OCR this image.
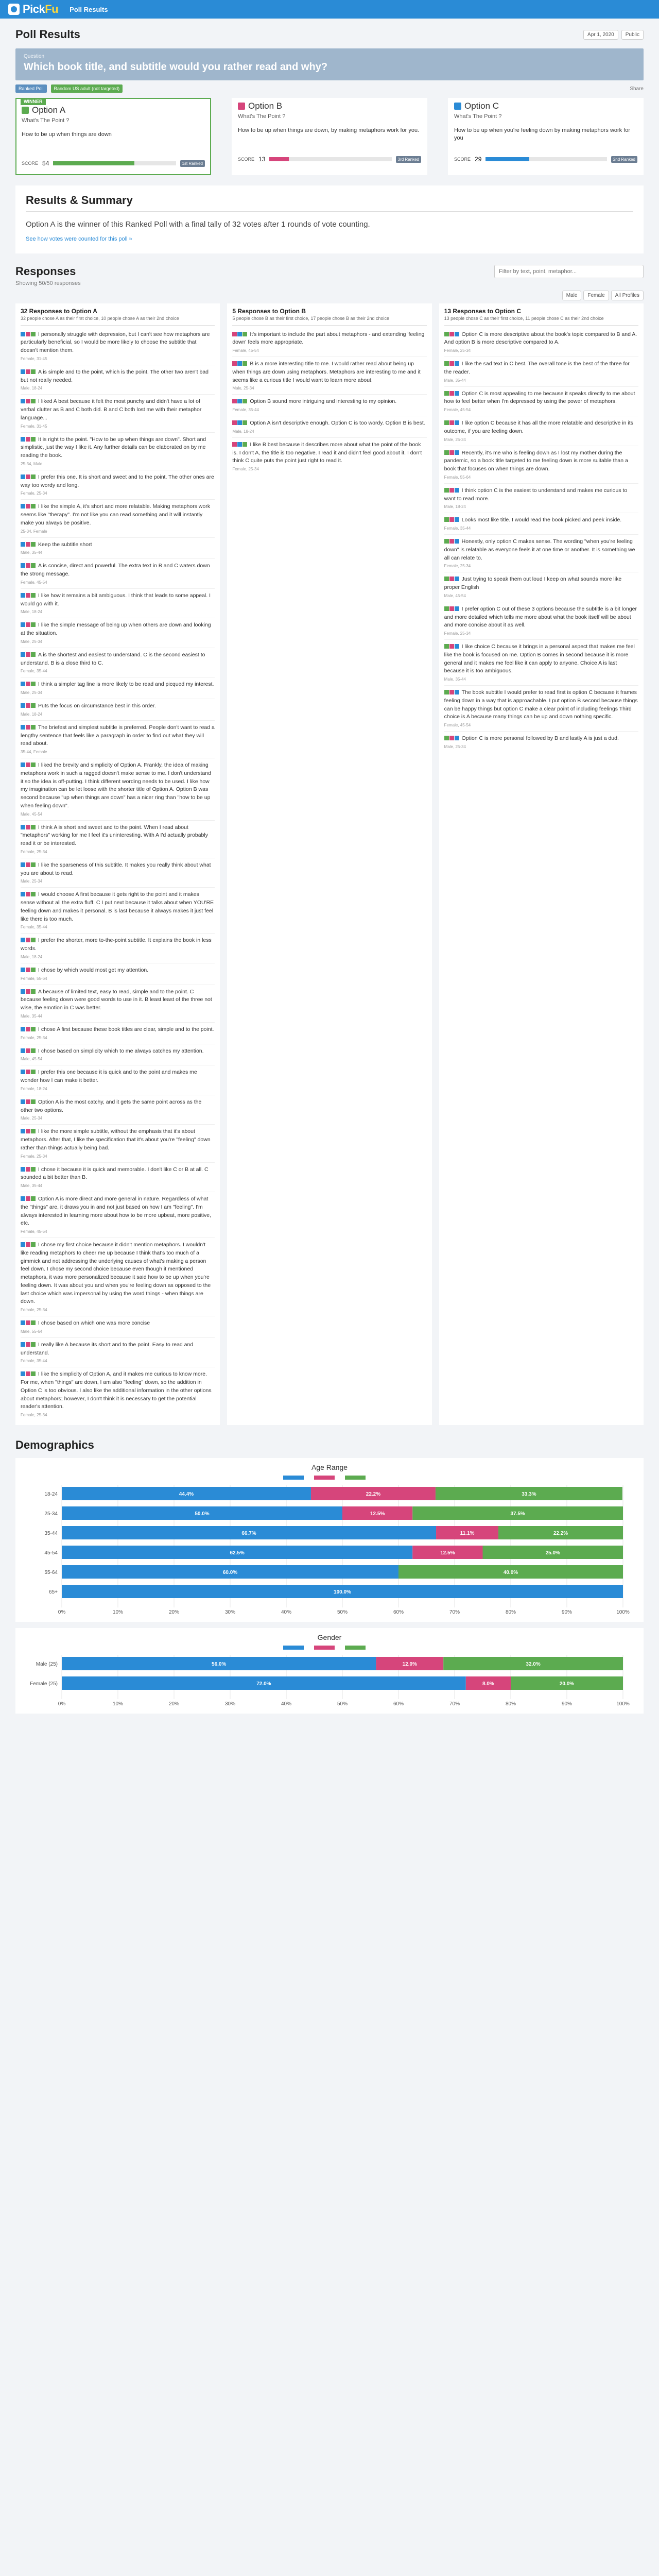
PickFu Poll Results
Poll Results	Apr 1, 2020	Public
Question
Which book title, and subtitle would you rather read and why?
Ranked Poll	Random US adult (not targeted)	Share
WINNER
Option A
What's The Point ?
How to be up when things are down
SCORE 54	1st Ranked
Option B
What's The Point ?
How to be up when things are down, by making metaphors work for you.
SCORE 13	3rd Ranked
Option C
What's The Point ?
How to be up when you're feeling down by making metaphors work for you
SCORE 29	2nd Ranked
Results & Summary
Option A is the winner of this Ranked Poll with a final tally of 32 votes after 1 rounds of vote counting.
See how votes were counted for this poll »
Responses
Showing 50/50 responses
Filter by text, point, metaphor...
Male	Female	All Profiles
32 Responses to Option A
32 people chose A as their first choice, 10 people chose A as their 2nd choice
I personally struggle with depression, but I can't see how metaphors are particularly beneficial, so I would be more likely to choose the subtitle that doesn't mention them.
Female, 31-45
A is simple and to the point, which is the point. The other two aren't bad but not really needed.
Male, 18-24
I liked A best because it felt the most punchy and didn't have a lot of verbal clutter as B and C both did. B and C both lost me with their metaphor language...
Female, 31-45
It is right to the point. "How to be up when things are down". Short and simplistic, just the way I like it. Any further details can be elaborated on by me reading the book.
25-34, Male
I prefer this one. It is short and sweet and to the point. The other ones are way too wordy and long.
Female, 25-34
I like the simple A, it's short and more relatable. Making metaphors work seems like "therapy". I'm not like you can read something and it will instantly make you always be positive.
25-34, Female
Keep the subtitle short
Male, 35-44
A is concise, direct and powerful. The extra text in B and C waters down the strong message.
Female, 45-54
I like how it remains a bit ambiguous. I think that leads to some appeal. I would go with it.
Male, 18-24
I like the simple message of being up when others are down and looking at the situation.
Male, 25-34
A is the shortest and easiest to understand. C is the second easiest to understand. B is a close third to C.
Female, 35-44
I think a simpler tag line is more likely to be read and picqued my interest.
Male, 25-34
Puts the focus on circumstance best in this order.
Male, 18-24
The briefest and simplest subtitle is preferred. People don't want to read a lengthy sentence that feels like a paragraph in order to find out what they will read about.
35-44, Female
I liked the brevity and simplicity of Option A. Frankly, the idea of making metaphors work in such a ragged doesn't make sense to me. I don't understand it so the idea is off-putting. I think different wording needs to be used. I like how my imagination can be let loose with the shorter title of Option A. Option B was second because "up when things are down" has a nicer ring than "how to be up when feeling down".
Male, 45-54
I think A is short and sweet and to the point. When I read about "metaphors" working for me I feel it's uninteresting. With A I'd actually probably read it or be interested.
Female, 25-34
I like the sparseness of this subtitle. It makes you really think about what you are about to read.
Male, 25-34
I would choose A first because it gets right to the point and it makes sense without all the extra fluff. C I put next because it talks about when YOU'RE feeling down and makes it personal. B is last because it always makes it just feel like there is too much.
Female, 35-44
I prefer the shorter, more to-the-point subtitle. It explains the book in less words.
Male, 18-24
I chose by which would most get my attention.
Female, 55-64
A because of limited text, easy to read, simple and to the point. C because feeling down were good words to use in it. B least least of the three not wise, the emotion in C was better.
Male, 35-44
I chose A first because these book titles are clear, simple and to the point.
Female, 25-34
I chose based on simplicity which to me always catches my attention.
Male, 45-54
I prefer this one because it is quick and to the point and makes me wonder how I can make it better.
Female, 18-24
Option A is the most catchy, and it gets the same point across as the other two options.
Male, 25-34
I like the more simple subtitle, without the emphasis that it's about metaphors. After that, I like the specification that it's about you're "feeling" down rather than things actually being bad.
Female, 25-34
I chose it because it is quick and memorable. I don't like C or B at all. C sounded a bit better than B.
Male, 35-44
Option A is more direct and more general in nature. Regardless of what the "things" are, it draws you in and not just based on how I am "feeling". I'm always interested in learning more about how to be more upbeat, more positive, etc.
Female, 45-54
I chose my first choice because it didn't mention metaphors. I wouldn't like reading metaphors to cheer me up because I think that's too much of a gimmick and not addressing the underlying causes of what's making a person feel down. I chose my second choice because even though it mentioned metaphors, it was more personalized because it said how to be up when you're feeling down. It was about you and when you're feeling down as opposed to the last choice which was impersonal by using the word things - when things are down.
Female, 25-34
I chose based on which one was more concise
Male, 55-64
I really like A because its short and to the point. Easy to read and understand.
Female, 35-44
I like the simplicity of Option A, and it makes me curious to know more. For me, when "things" are down, I am also "feeling" down, so the addition in Option C is too obvious. I also like the additional information in the other options about metaphors; however, I don't think it is necessary to get the potential reader's attention.
Female, 25-34
5 Responses to Option B
5 people chose B as their first choice, 17 people chose B as their 2nd choice
It's important to include the part about metaphors - and extending 'feeling down' feels more appropriate.
Female, 45-54
B is a more interesting title to me. I would rather read about being up when things are down using metaphors. Metaphors are interesting to me and it seems like a curious title I would want to learn more about.
Male, 25-34
Option B sound more intriguing and interesting to my opinion.
Female, 35-44
Option A isn't descriptive enough. Option C is too wordy. Option B is best.
Male, 18-24
I like B best because it describes more about what the point of the book is. I don't A, the title is too negative. I read it and didn't feel good about it. I don't think C quite puts the point just right to read it.
Female, 25-34
13 Responses to Option C
13 people chose C as their first choice, 11 people chose C as their 2nd choice
Option C is more descriptive about the book's topic compared to B and A. And option B is more descriptive compared to A.
Female, 25-34
I like the sad text in C best. The overall tone is the best of the three for the reader.
Male, 35-44
Option C is most appealing to me because it speaks directly to me about how to feel better when I'm depressed by using the power of metaphors.
Female, 45-54
I like option C because it has all the more relatable and descriptive in its outcome, if you are feeling down.
Male, 25-34
Recently, it's me who is feeling down as I lost my mother during the pandemic, so a book title targeted to me feeling down is more suitable than a book that focuses on when things are down.
Female, 55-64
I think option C is the easiest to understand and makes me curious to want to read more.
Male, 18-24
Looks most like title. I would read the book picked and peek inside.
Female, 35-44
Honestly, only option C makes sense. The wording "when you're feeling down" is relatable as everyone feels it at one time or another. It is something we all can relate to.
Female, 25-34
Just trying to speak them out loud I keep on what sounds more like proper English
Male, 45-54
I prefer option C out of these 3 options because the subtitle is a bit longer and more detailed which tells me more about what the book itself will be about and more concise about it as well.
Female, 25-34
I like choice C because it brings in a personal aspect that makes me feel like the book is focused on me. Option B comes in second because it is more general and it makes me feel like it can apply to anyone. Choice A is last because it is too ambiguous.
Male, 35-44
The book subtitle I would prefer to read first is option C because it frames feeling down in a way that is approachable. I put option B second because things can be happy things but option C make a clear point of including feelings Third choice is A because many things can be up and down nothing specific.
Female, 45-54
Option C is more personal followed by B and lastly A is just a dud.
Male, 25-34
Demographics
Age Range
0%	10%	20%	30%	40%	50%	60%	70%	80%	90%	100%
18-24	44.4%	22.2%	33.3%
25-34	50.0%	12.5%	37.5%
35-44	66.7%	11.1%	22.2%
45-54	62.5%	12.5%	25.0%
55-64	60.0%	40.0%
65+	100.0%
Gender
0%	10%	20%	30%	40%	50%	60%	70%	80%	90%	100%
Male (25)	56.0%	12.0%	32.0%
Female (25)	72.0%	8.0%	20.0%
